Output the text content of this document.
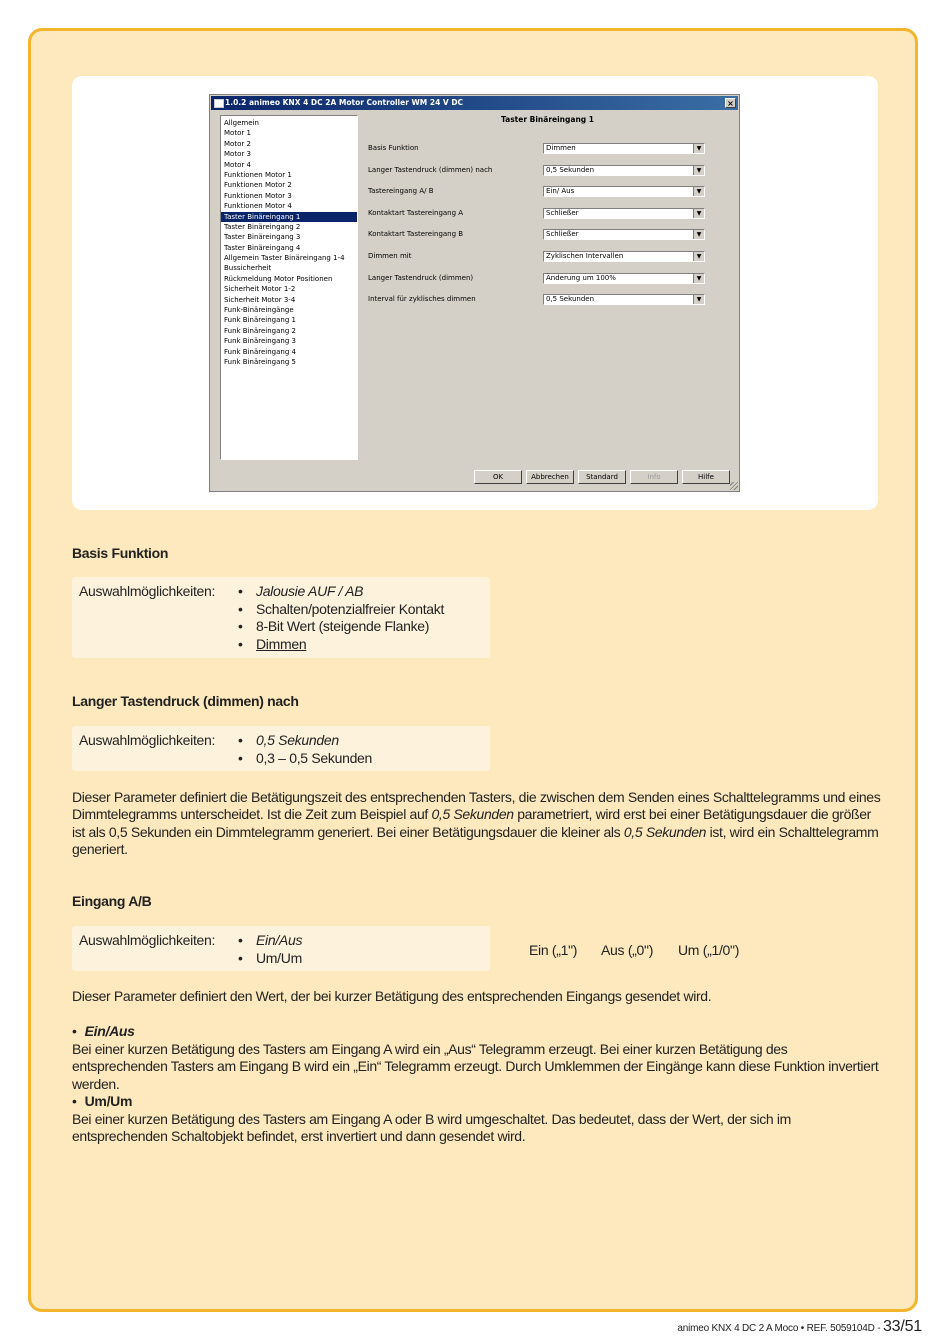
1.0.2 animeo KNX 4 DC 2A Motor Controller WM 24 V DC	×
Allgemein
Motor 1
Motor 2
Motor 3
Motor 4
Funktionen Motor 1
Funktionen Motor 2
Funktionen Motor 3
Funktionen Motor 4
Taster Binäreingang 1
Taster Binäreingang 2
Taster Binäreingang 3
Taster Binäreingang 4
Allgemein Taster Binäreingang 1-4
Bussicherheit
Rückmeldung Motor Positionen
Sicherheit Motor 1-2
Sicherheit Motor 3-4
Funk-Binäreingänge
Funk Binäreingang 1
Funk Binäreingang 2
Funk Binäreingang 3
Funk Binäreingang 4
Funk Binäreingang 5
Taster Binäreingang 1
Basis Funktion	Dimmen	▼
Langer Tastendruck (dimmen) nach	0,5 Sekunden	▼
Tastereingang A/ B	Ein/ Aus	▼
Kontaktart Tastereingang A	Schließer	▼
Kontaktart Tastereingang B	Schließer	▼
Dimmen mit	Zyklischen Intervallen	▼
Langer Tastendruck (dimmen)	Änderung um 100%	▼
Interval für zyklisches dimmen	0,5 Sekunden	▼
OK	Abbrechen	Standard	Info	Hilfe
Basis Funktion
Auswahlmöglichkeiten: • Jalousie AUF / AB
• Schalten/potenzialfreier Kontakt
• 8-Bit Wert (steigende Flanke)
• Dimmen
Langer Tastendruck (dimmen) nach
Auswahlmöglichkeiten: • 0,5 Sekunden
• 0,3 – 0,5 Sekunden

Dieser Parameter definiert die Betätigungszeit des entsprechenden Tasters, die zwischen dem Senden eines Schalttelegramms und eines Dimmtelegramms unterscheidet. Ist die Zeit zum Beispiel auf 0,5 Sekunden parametriert, wird erst bei einer Betätigungsdauer die größer ist als 0,5 Sekunden ein Dimmtelegramm generiert. Bei einer Betätigungsdauer die kleiner als 0,5 Sekunden ist, wird ein Schalttelegramm generiert.

Eingang A/B
Auswahlmöglichkeiten: • Ein/Aus
• Um/Um	Ein („1") Aus („0") Um („1/0")

Dieser Parameter definiert den Wert, der bei kurzer Betätigung des entsprechenden Eingangs gesendet wird.

• Ein/Aus

Bei einer kurzen Betätigung des Tasters am Eingang A wird ein „Aus“ Telegramm erzeugt. Bei einer kurzen Betätigung des entsprechenden Tasters am Eingang B wird ein „Ein“ Telegramm erzeugt. Durch Umklemmen der Eingänge kann diese Funktion invertiert werden.

• Um/Um

Bei einer kurzen Betätigung des Tasters am Eingang A oder B wird umgeschaltet. Das bedeutet, dass der Wert, der sich im entsprechenden Schaltobjekt befindet, erst invertiert und dann gesendet wird.

animeo KNX 4 DC 2 A Moco • REF. 5059104D - 33/51
